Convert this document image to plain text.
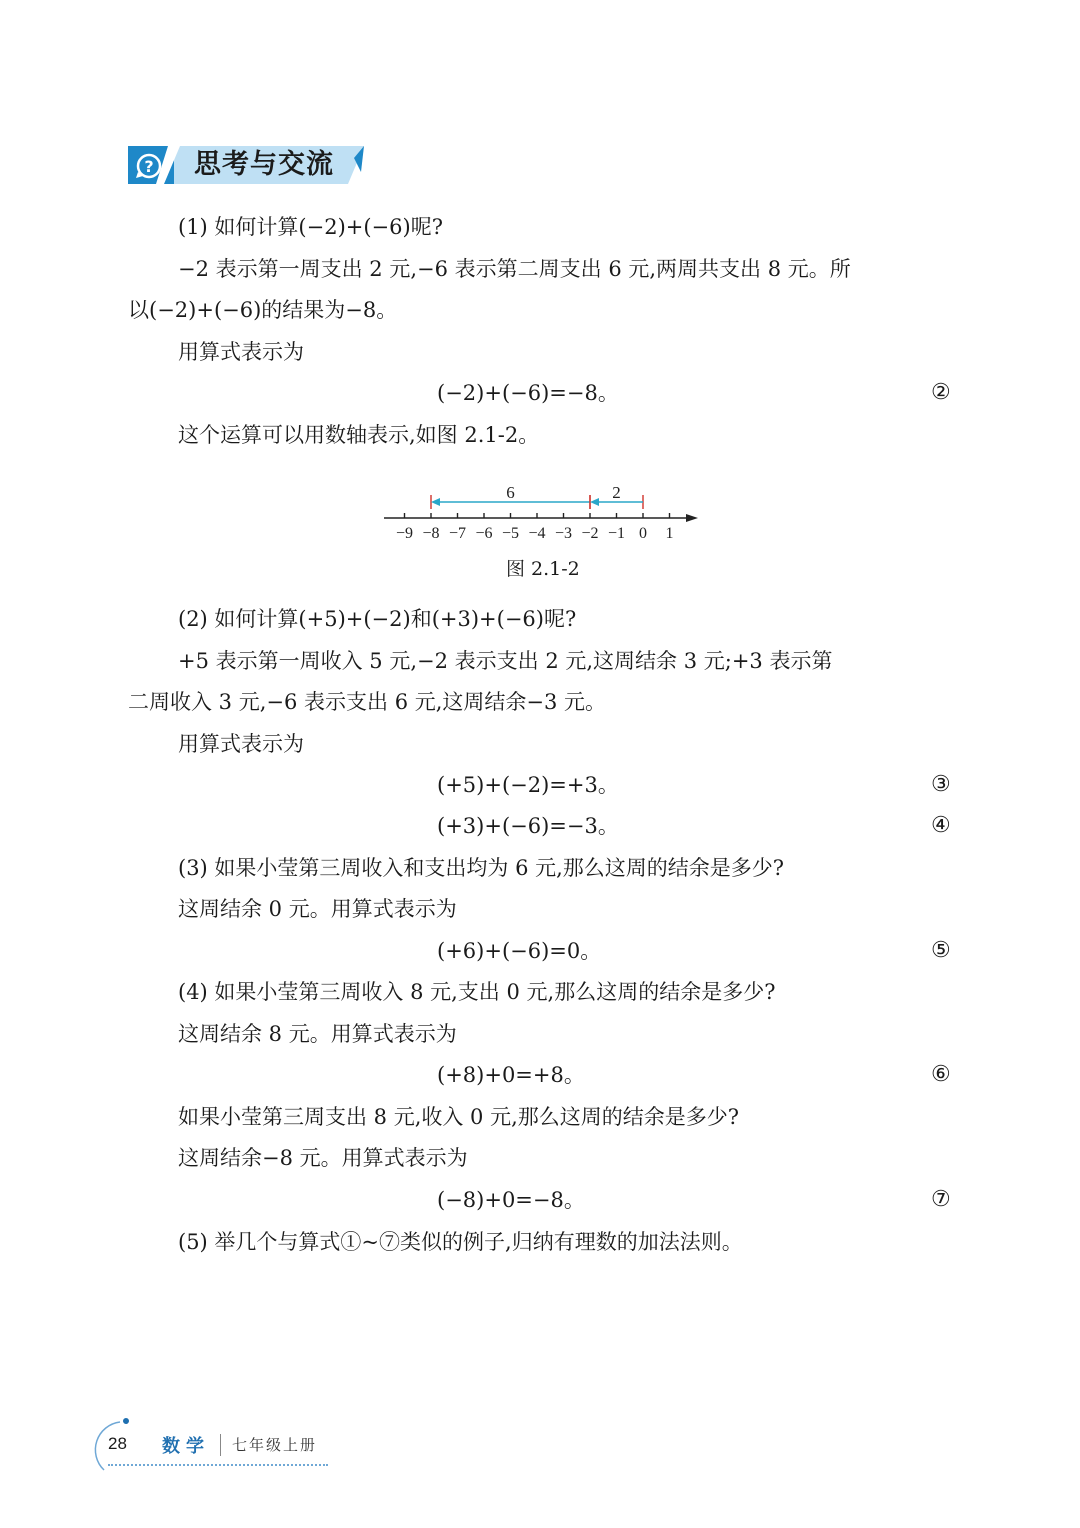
? 思考与交流
(1) 如何计算(−2)+(−6)呢?
−2 表示第一周支出 2 元,−6 表示第二周支出 6 元,两周共支出 8 元。所
以(−2)+(−6)的结果为−8。
用算式表示为
(−2)+(−6)=−8。	②
这个运算可以用数轴表示,如图 2.1-2。
−9 −8 −7 −6 −5 −4 −3 −2 −1 0 1
6	2
图 2.1-2
(2) 如何计算(+5)+(−2)和(+3)+(−6)呢?
+5 表示第一周收入 5 元,−2 表示支出 2 元,这周结余 3 元;+3 表示第
二周收入 3 元,−6 表示支出 6 元,这周结余−3 元。
用算式表示为
(+5)+(−2)=+3。	③
(+3)+(−6)=−3。	④
(3) 如果小莹第三周收入和支出均为 6 元,那么这周的结余是多少?
这周结余 0 元。用算式表示为
(+6)+(−6)=0。	⑤
(4) 如果小莹第三周收入 8 元,支出 0 元,那么这周的结余是多少?
这周结余 8 元。用算式表示为
(+8)+0=+8。	⑥
如果小莹第三周支出 8 元,收入 0 元,那么这周的结余是多少?
这周结余−8 元。用算式表示为
(−8)+0=−8。	⑦
(5) 举几个与算式①~⑦类似的例子,归纳有理数的加法法则。
28 数学 七年级上册
